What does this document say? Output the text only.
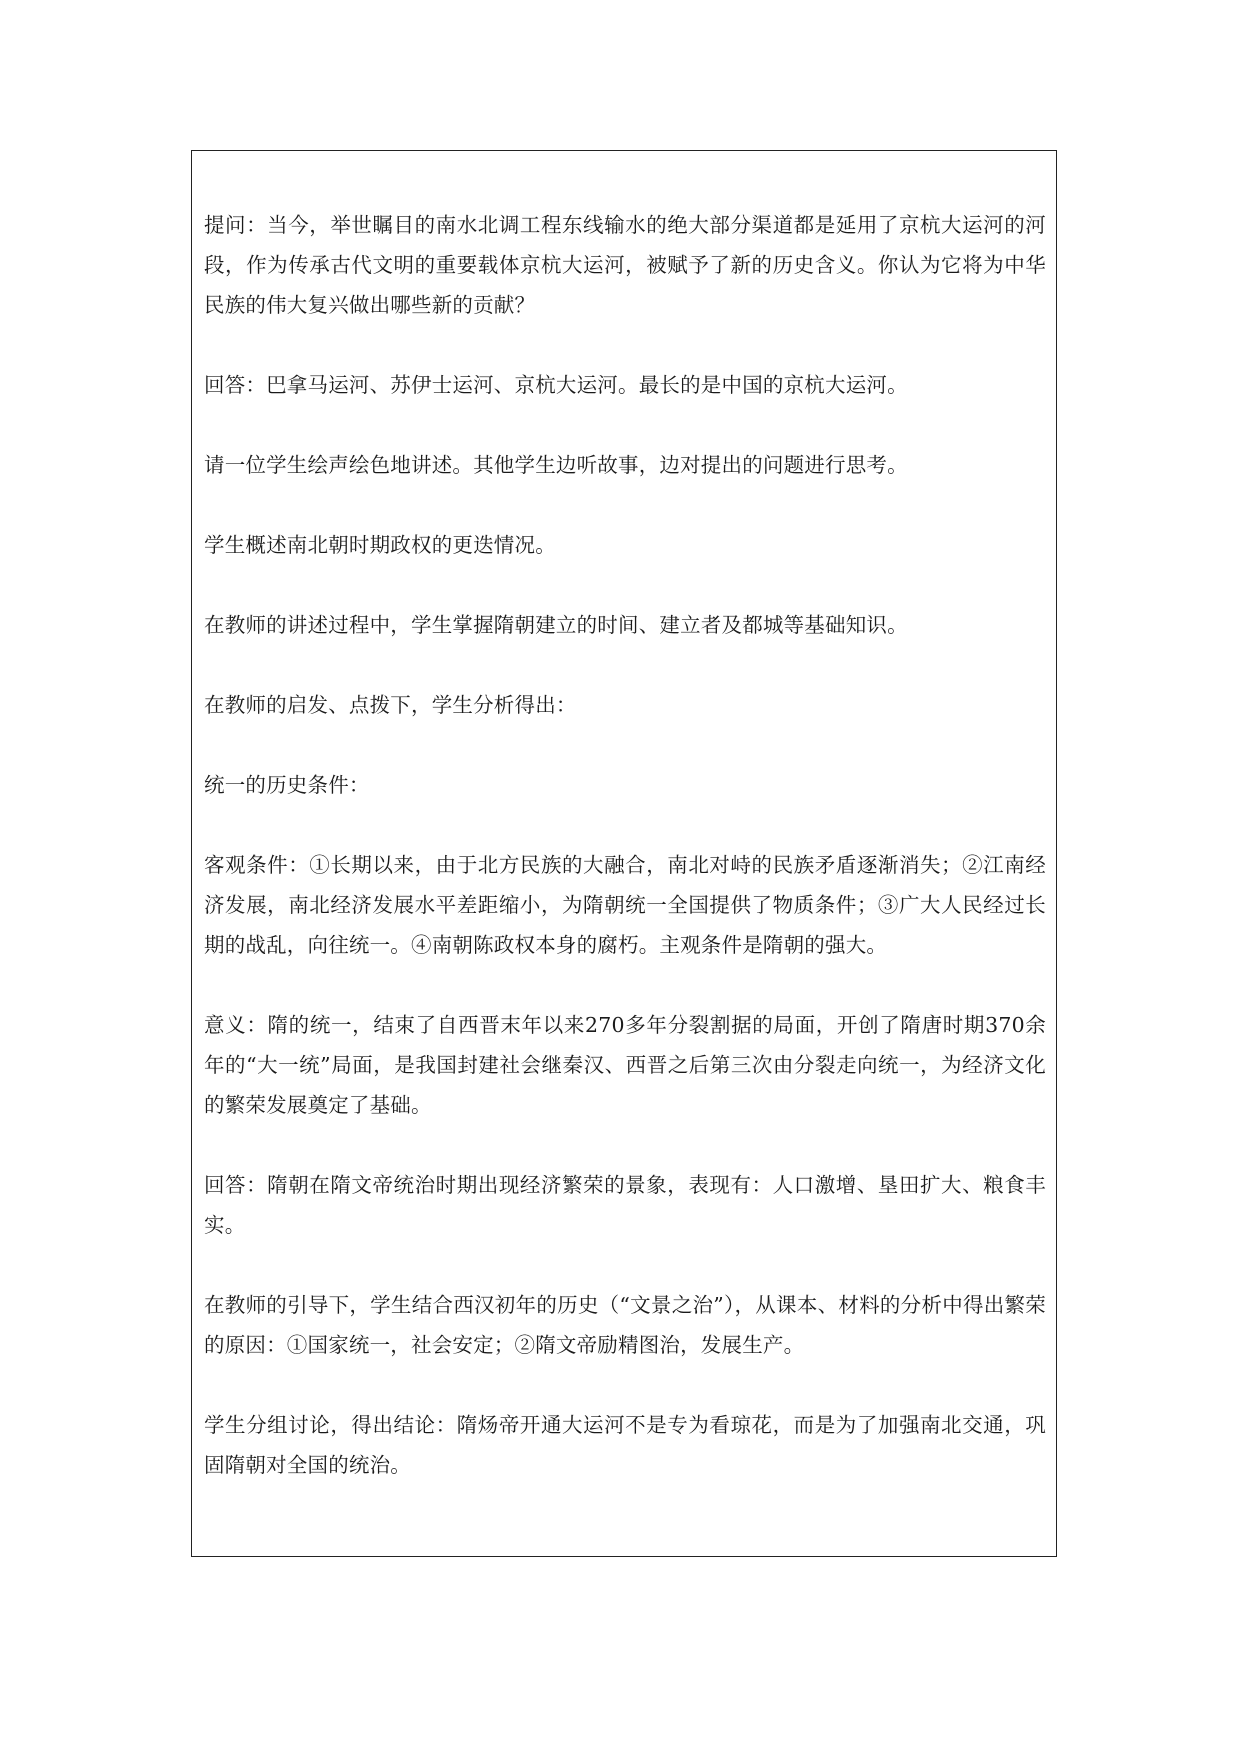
提问：当今，举世瞩目的南水北调工程东线输水的绝大部分渠道都是延用了京杭大运河的河段，作为传承古代文明的重要载体京杭大运河，被赋予了新的历史含义。你认为它将为中华民族的伟大复兴做出哪些新的贡献？

回答：巴拿马运河、苏伊士运河、京杭大运河。最长的是中国的京杭大运河。

请一位学生绘声绘色地讲述。其他学生边听故事，边对提出的问题进行思考。

学生概述南北朝时期政权的更迭情况。

在教师的讲述过程中，学生掌握隋朝建立的时间、建立者及都城等基础知识。

在教师的启发、点拨下，学生分析得出：

统一的历史条件：

客观条件：①长期以来，由于北方民族的大融合，南北对峙的民族矛盾逐渐消失；②江南经济发展，南北经济发展水平差距缩小，为隋朝统一全国提供了物质条件；③广大人民经过长期的战乱，向往统一。④南朝陈政权本身的腐朽。主观条件是隋朝的强大。

意义：隋的统一，结束了自西晋末年以来270多年分裂割据的局面，开创了隋唐时期370余年的“大一统”局面，是我国封建社会继秦汉、西晋之后第三次由分裂走向统一，为经济文化的繁荣发展奠定了基础。

回答：隋朝在隋文帝统治时期出现经济繁荣的景象，表现有：人口激增、垦田扩大、粮食丰实。

在教师的引导下，学生结合西汉初年的历史（“文景之治”），从课本、材料的分析中得出繁荣的原因：①国家统一，社会安定；②隋文帝励精图治，发展生产。

学生分组讨论，得出结论：隋炀帝开通大运河不是专为看琼花，而是为了加强南北交通，巩固隋朝对全国的统治。
